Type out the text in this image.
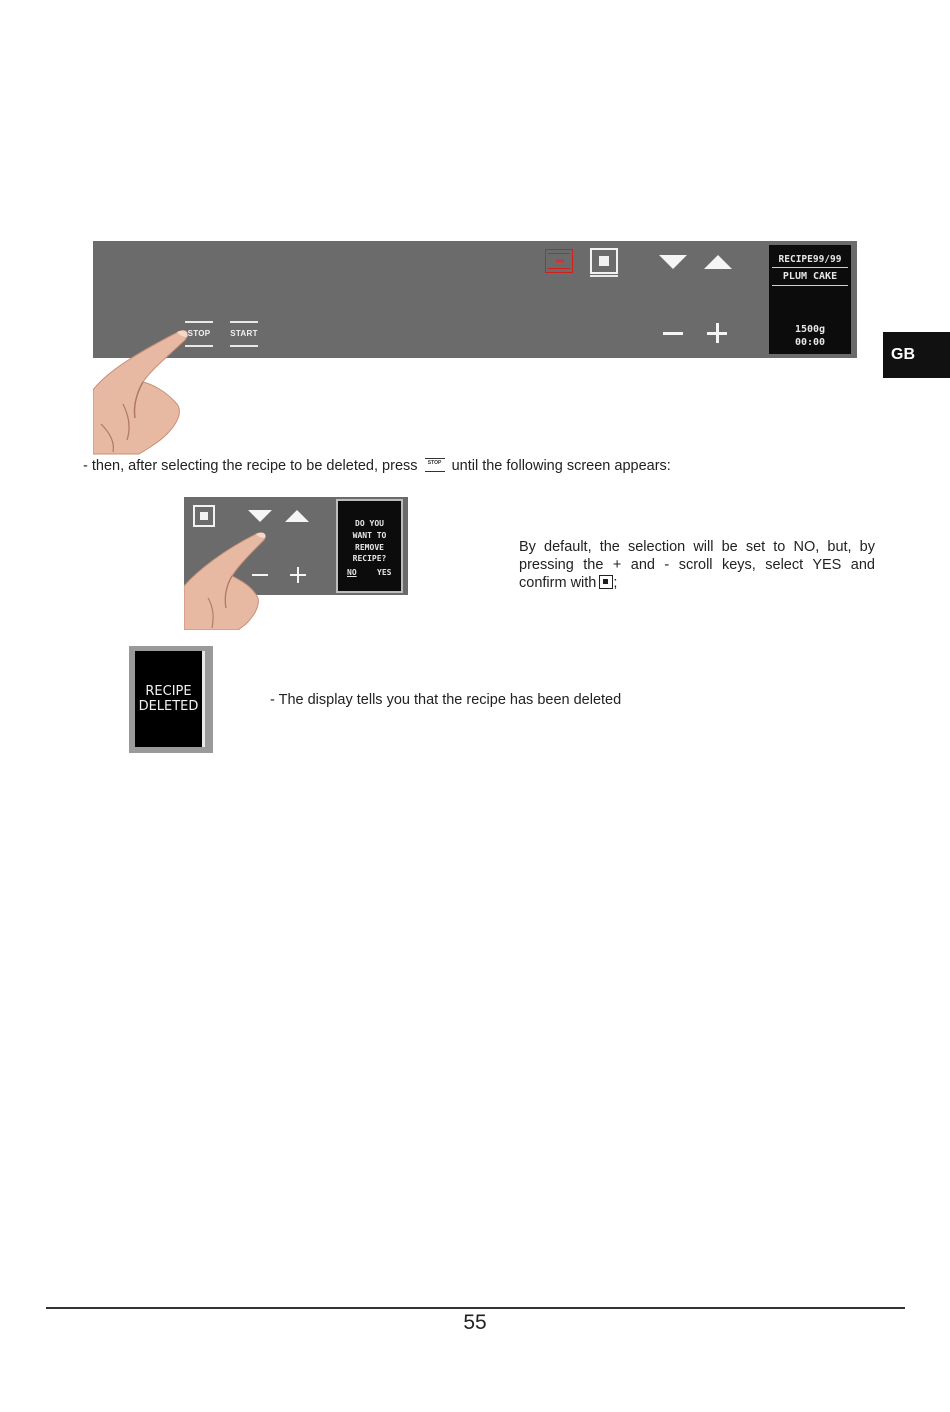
STOP	START
RECIPE99/99
PLUM CAKE
1500g
00:00
- then, after selecting the recipe to be deleted, press	STOP until the following screen appears:
DO YOU
WANT TO
REMOVE
RECIPE?
NO	YES
By default, the selection will be set to NO, but, by
pressing the + and - scroll keys, select YES and
confirm with ;
RECIPE
DELETED	- The display tells you that the recipe has been deleted
GB
55
